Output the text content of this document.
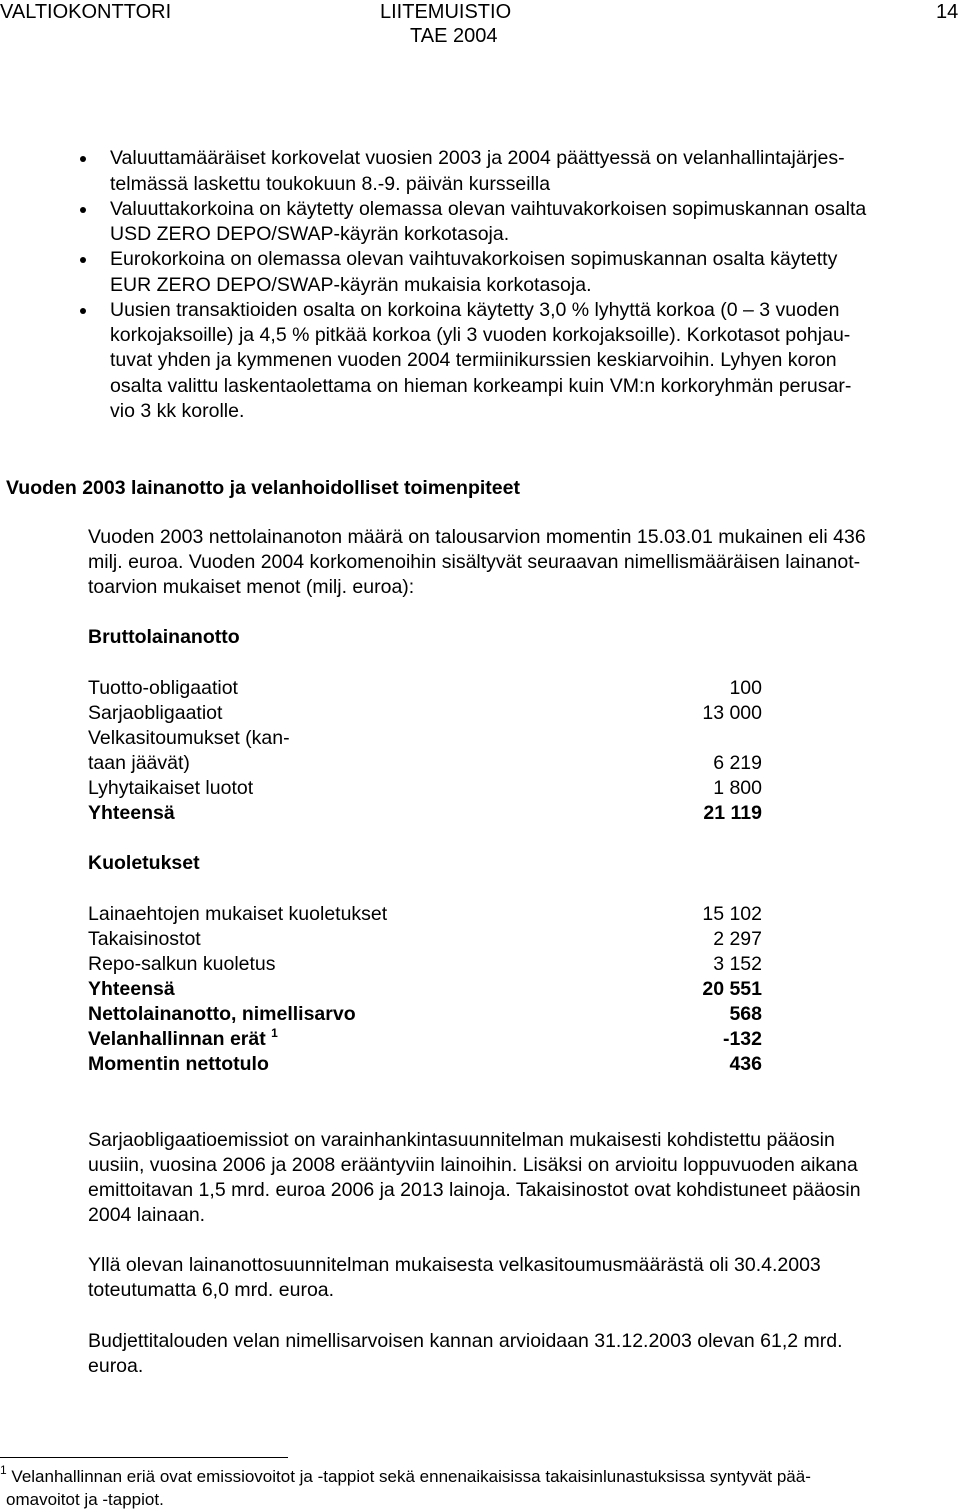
VALTIOKONTTORI	LIITEMUISTIO
TAE 2004
14
Valuuttamääräiset korkovelat vuosien 2003 ja 2004 päättyessä on velanhallintajärjes-
telmässä laskettu toukokuun 8.-9. päivän kursseilla
Valuuttakorkoina on käytetty olemassa olevan vaihtuvakorkoisen sopimuskannan osalta
USD ZERO DEPO/SWAP-käyrän korkotasoja.
Eurokorkoina on olemassa olevan vaihtuvakorkoisen sopimuskannan osalta käytetty
EUR ZERO DEPO/SWAP-käyrän mukaisia korkotasoja.
Uusien transaktioiden osalta on korkoina käytetty 3,0 % lyhyttä korkoa (0 – 3 vuoden
korkojaksoille) ja 4,5 % pitkää korkoa (yli 3 vuoden korkojaksoille). Korkotasot pohjau-
tuvat yhden ja kymmenen vuoden 2004 termiinikurssien keskiarvoihin. Lyhyen koron
osalta valittu laskentaolettama on hieman korkeampi kuin VM:n korkoryhmän perusar-
vio 3 kk korolle.
Vuoden 2003 lainanotto ja velanhoidolliset toimenpiteet
Vuoden 2003 nettolainanoton määrä on talousarvion momentin 15.03.01 mukainen eli 436
milj. euroa. Vuoden 2004 korkomenoihin sisältyvät seuraavan nimellismääräisen lainanot-
toarvion mukaiset menot (milj. euroa):
Bruttolainanotto
Tuotto-obligaatiot	100
Sarjaobligaatiot	13 000
Velkasitoumukset (kan-
taan jäävät)	6 219
Lyhytaikaiset luotot	1 800
Yhteensä	21 119
Kuoletukset
Lainaehtojen mukaiset kuoletukset	15 102
Takaisinostot	2 297
Repo-salkun kuoletus	3 152
Yhteensä	20 551
Nettolainanotto, nimellisarvo	568
Velanhallinnan erät $^1$	-132
Momentin nettotulo	436
Sarjaobligaatioemissiot on varainhankintasuunnitelman mukaisesti kohdistettu pääosin
uusiin, vuosina 2006 ja 2008 erääntyviin lainoihin. Lisäksi on arvioitu loppuvuoden aikana
emittoitavan 1,5 mrd. euroa 2006 ja 2013 lainoja. Takaisinostot ovat kohdistuneet pääosin
2004 lainaan.
Yllä olevan lainanottosuunnitelman mukaisesta velkasitoumusmäärästä oli 30.4.2003
toteutumatta 6,0 mrd. euroa.
Budjettitalouden velan nimellisarvoisen kannan arvioidaan 31.12.2003 olevan 61,2 mrd.
euroa.
$^1$ Velanhallinnan eriä ovat emissiovoitot ja -tappiot sekä ennenaikaisissa takaisinlunastuksissa syntyvät pää-
omavoitot ja -tappiot.
